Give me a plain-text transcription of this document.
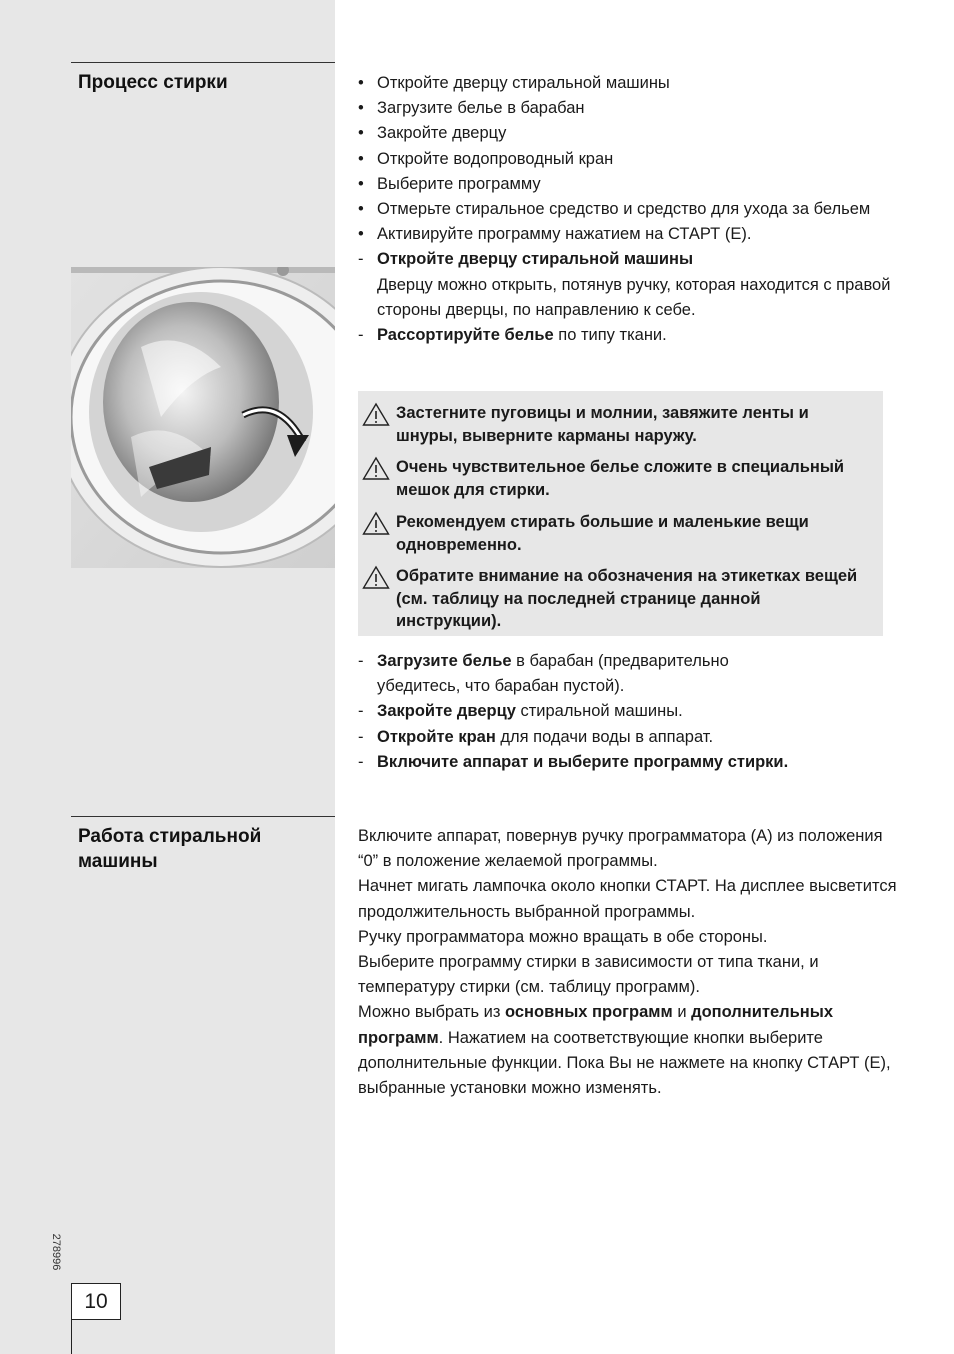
Процесс стирки	• Откройте дверцу стиральной машины
• Загрузите белье в барабан
• Закройте дверцу
• Откройте водопроводный кран
• Выберите программу
• Отмерьте стиральное средство и средство для ухода за бельем
• Активируйте программу нажатием на СТАРТ (Е).
- Откройте дверцу стиральной машины
Дверцу можно открыть, потянув ручку, которая находится с правой стороны дверцы, по направлению к себе.
- Рассортируйте белье по типу ткани.
Застегните пуговицы и молнии, завяжите ленты и шнуры, выверните карманы наружу.
Очень чувствительное белье сложите в специальный мешок для стирки.
Рекомендуем стирать большие и маленькие вещи одновременно.
Обратите внимание на обозначения на этикетках вещей (см. таблицу на последней странице данной инструкции).
- Загрузите белье в барабан (предварительно убедитесь, что барабан пустой).
- Закройте дверцу стиральной машины.
- Откройте кран для подачи воды в аппарат.
- Включите аппарат и выберите программу стирки.
Работа стиральной машины

Включите аппарат, повернув ручку программатора (А) из положения “0” в положение желаемой программы.

Начнет мигать лампочка около кнопки СТАРТ. На дисплее высветится продолжительность выбранной программы.

Ручку программатора можно вращать в обе стороны.

Выберите программу стирки в зависимости от типа ткани, и температуру стирки (см. таблицу программ).

Можно выбрать из основных программ и дополнительных программ. Нажатием на соответствующие кнопки выберите дополнительные функции. Пока Вы не нажмете на кнопку СТАРТ (Е), выбранные установки можно изменять.

278996
10
